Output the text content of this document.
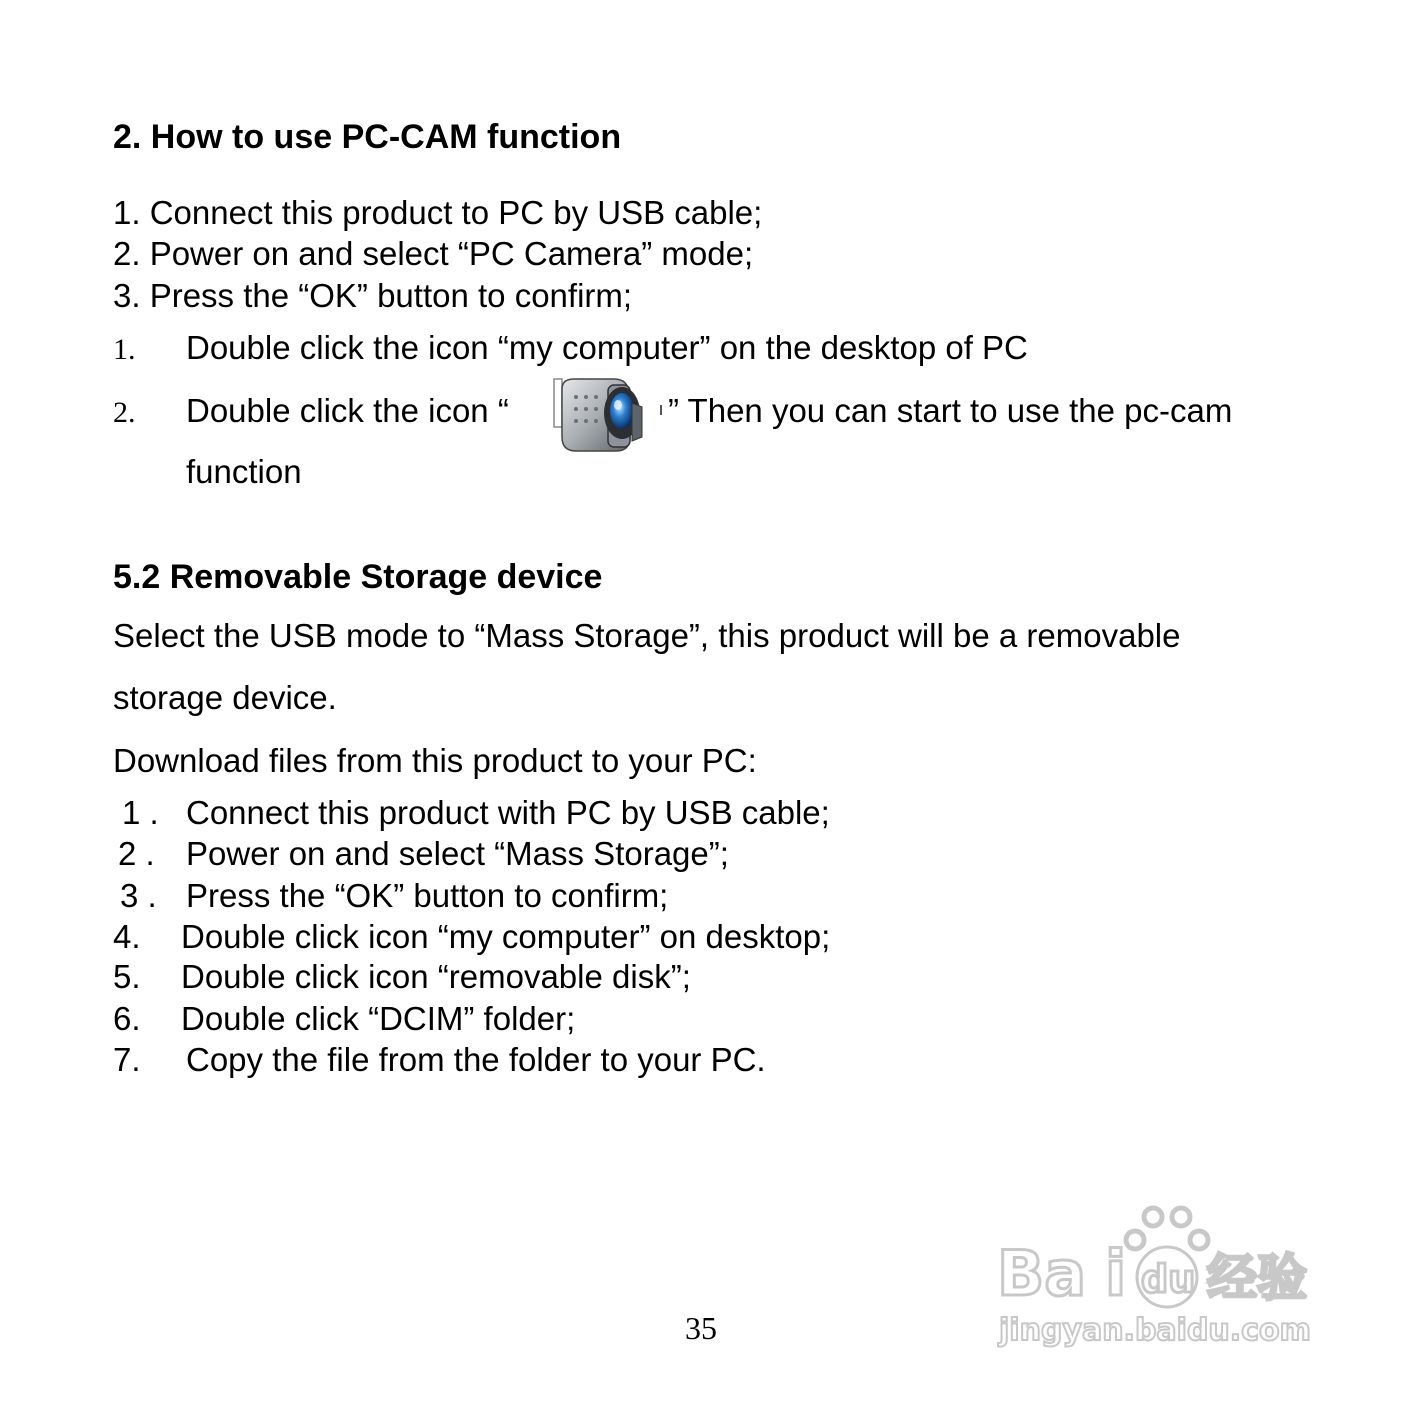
2. How to use PC-CAM function
1. Connect this product to PC by USB cable;
2. Power on and select “PC Camera” mode;
3. Press the “OK” button to confirm;
1. Double click the icon “my computer” on the desktop of PC
2. Double click the icon “	” Then you can start to use the pc-cam
function
5.2 Removable Storage device
Select the USB mode to “Mass Storage”, this product will be a removable
storage device.
Download files from this product to your PC:
1 . Connect this product with PC by USB cable;
2 . Power on and select “Mass Storage”;
3 . Press the “OK” button to confirm;
4. Double click icon “my computer” on desktop;
5. Double click icon “removable disk”;
6. Double click “DCIM” folder;
7. Copy the file from the folder to your PC.
35
Ba i du 经验
jingyan.baidu.com
